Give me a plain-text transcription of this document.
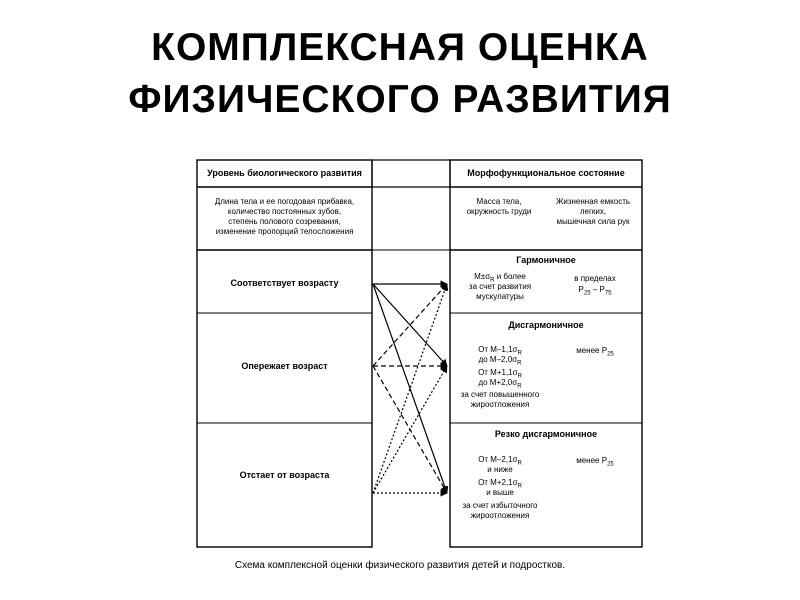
КОМПЛЕКСНАЯ ОЦЕНКА
ФИЗИЧЕСКОГО РАЗВИТИЯ
Уровень биологического развития
Длина тела и ее погодовая прибавка,
количество постоянных зубов,
степень полового созревания,
изменение пропорций телосложения
Соответствует возрасту
Опережает возраст
Отстает от возраста
Морфофункциональное состояние
Масса тела,
окружность груди
Жизненная емкость
легких,
мышечная сила рук
Гармоничное
$M\pm\sigma_R$ и более
за счет развития
мускулатуры
в пределах
$P_{25} - P_{75}$
Дисгармоничное
От $M-1,1\sigma_R$
до $M-2,0\sigma_R$
От $M+1,1\sigma_R$
до $M+2,0\sigma_R$
за счет повышенного
жироотложения
менее $P_{25}$
Резко дисгармоничное
От $M-2,1\sigma_R$
и ниже
От $M+2,1\sigma_R$
и выше
за счет избыточного
жироотложения
менее $P_{25}$
Схема комплексной оценки физического развития детей и подростков.
